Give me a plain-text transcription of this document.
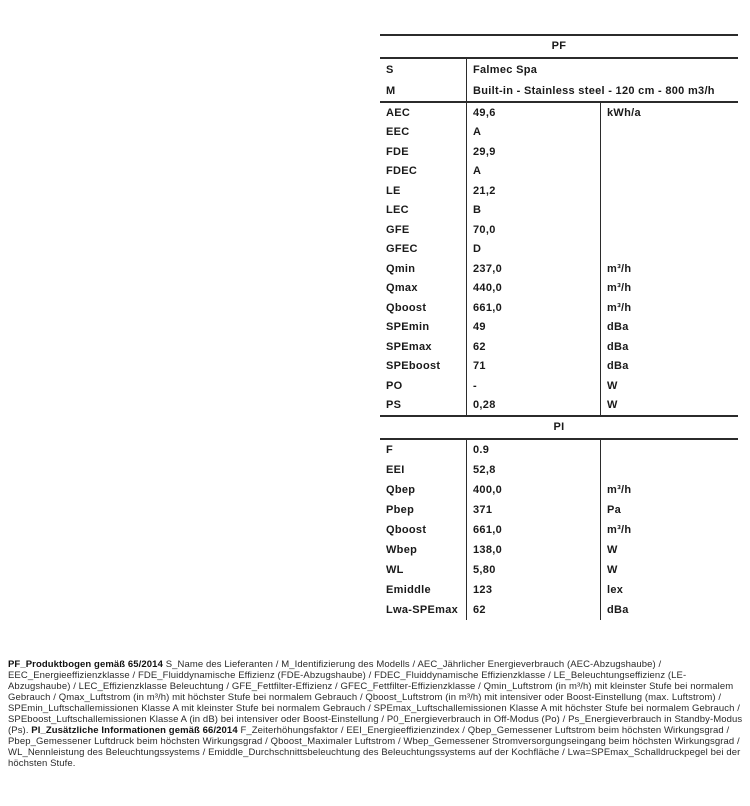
PF
S	Falmec Spa
M	Built-in - Stainless steel - 120 cm - 800 m3/h
AEC	49,6	kWh/a
EEC	A
FDE	29,9
FDEC	A
LE	21,2
LEC	B
GFE	70,0
GFEC	D
Qmin	237,0	m³/h
Qmax	440,0	m³/h
Qboost	661,0	m³/h
SPEmin	49	dBa
SPEmax	62	dBa
SPEboost	71	dBa
PO	-	W
PS	0,28	W
PI
F	0.9
EEI	52,8
Qbep	400,0	m³/h
Pbep	371	Pa
Qboost	661,0	m³/h
Wbep	138,0	W
WL	5,80	W
Emiddle	123	lex
Lwa-SPEmax	62	dBa

PF_Produktbogen gemäß 65/2014 S_Name des Lieferanten / M_Identifizierung des Modells / AEC_Jährlicher Energieverbrauch (AEC-Abzugshaube) / EEC_Energieeffizienzklasse / FDE_Fluiddynamische Effizienz (FDE-Abzugshaube) / FDEC_Fluiddynamische Effizienzklasse / LE_Beleuchtungseffizienz (LE-Abzugshaube) / LEC_Effizienzklasse Beleuchtung / GFE_Fettfilter-Effizienz / GFEC_Fettfilter-Effizienzklasse / Qmin_Luftstrom (in m³/h) mit kleinster Stufe bei normalem Gebrauch / Qmax_Luftstrom (in m³/h) mit höchster Stufe bei normalem Gebrauch / Qboost_Luftstrom (in m³/h) mit intensiver oder Boost-Einstellung (max. Luftstrom) / SPEmin_Luftschallemissionen Klasse A mit kleinster Stufe bei normalem Gebrauch / SPEmax_Luftschallemissionen Klasse A mit höchster Stufe bei normalem Gebrauch / SPEboost_Luftschallemissionen Klasse A (in dB) bei intensiver oder Boost-Einstellung / P0_Energieverbrauch in Off-Modus (Po) / Ps_Energieverbrauch in Standby-Modus (Ps). PI_Zusätzliche Informationen gemäß 66/2014 F_Zeiterhöhungsfaktor / EEI_Energieeffizienzindex / Qbep_Gemessener Luftstrom beim höchsten Wirkungsgrad / Pbep_Gemessener Luftdruck beim höchsten Wirkungsgrad / Qboost_Maximaler Luftstrom / Wbep_Gemessener Stromversorgungseingang beim höchsten Wirkungsgrad / WL_Nennleistung des Beleuchtungssystems / Emiddle_Durchschnittsbeleuchtung des Beleuchtungssystems auf der Kochfläche / Lwa=SPEmax_Schalldruckpegel bei der höchsten Stufe.
